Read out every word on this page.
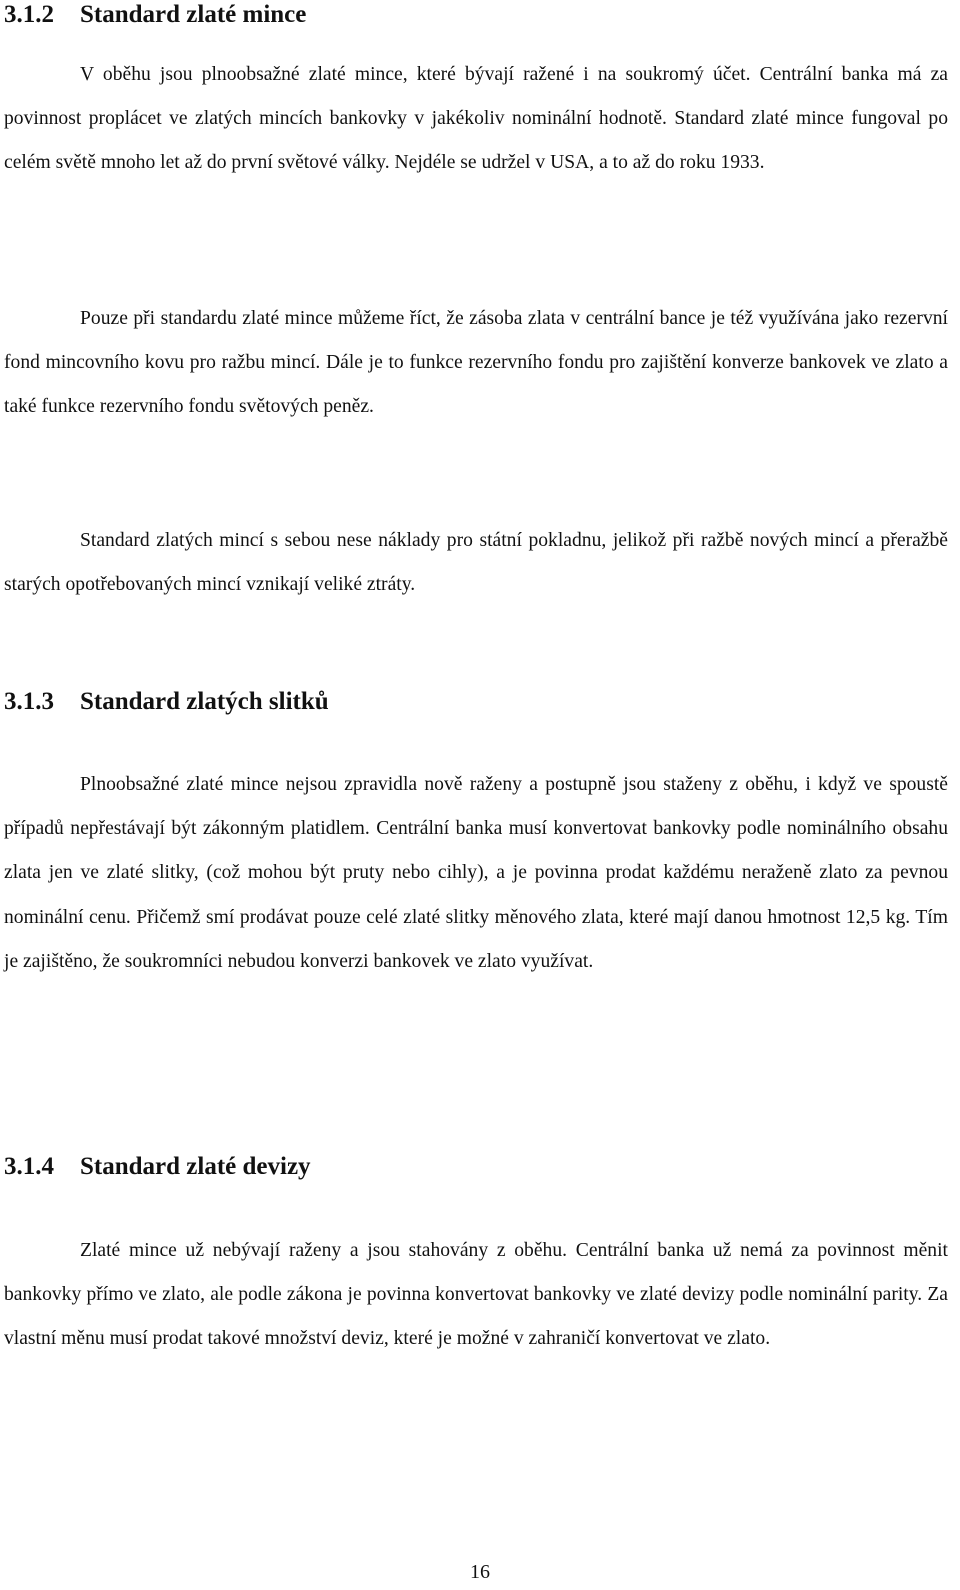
3.1.2 Standard zlaté mince

V oběhu jsou plnoobsažné zlaté mince, které bývají ražené i na soukromý účet. Centrální banka má za povinnost proplácet ve zlatých mincích bankovky v jakékoliv nominální hodnotě. Standard zlaté mince fungoval po celém světě mnoho let až do první světové války. Nejdéle se udržel v USA, a to až do roku 1933.

Pouze při standardu zlaté mince můžeme říct, že zásoba zlata v centrální bance je též využívána jako rezervní fond mincovního kovu pro ražbu mincí. Dále je to funkce rezervního fondu pro zajištění konverze bankovek ve zlato a také funkce rezervního fondu světových peněz.

Standard zlatých mincí s sebou nese náklady pro státní pokladnu, jelikož při ražbě nových mincí a přeražbě starých opotřebovaných mincí vznikají veliké ztráty.

3.1.3 Standard zlatých slitků

Plnoobsažné zlaté mince nejsou zpravidla nově raženy a postupně jsou staženy z oběhu, i když ve spoustě případů nepřestávají být zákonným platidlem. Centrální banka musí konvertovat bankovky podle nominálního obsahu zlata jen ve zlaté slitky, (což mohou být pruty nebo cihly), a je povinna prodat každému neraženě zlato za pevnou nominální cenu. Přičemž smí prodávat pouze celé zlaté slitky měnového zlata, které mají danou hmotnost 12,5 kg. Tím je zajištěno, že soukromníci nebudou konverzi bankovek ve zlato využívat.

3.1.4 Standard zlaté devizy

Zlaté mince už nebývají raženy a jsou stahovány z oběhu. Centrální banka už nemá za povinnost měnit bankovky přímo ve zlato, ale podle zákona je povinna konvertovat bankovky ve zlaté devizy podle nominální parity. Za vlastní měnu musí prodat takové množství deviz, které je možné v zahraničí konvertovat ve zlato.

16
